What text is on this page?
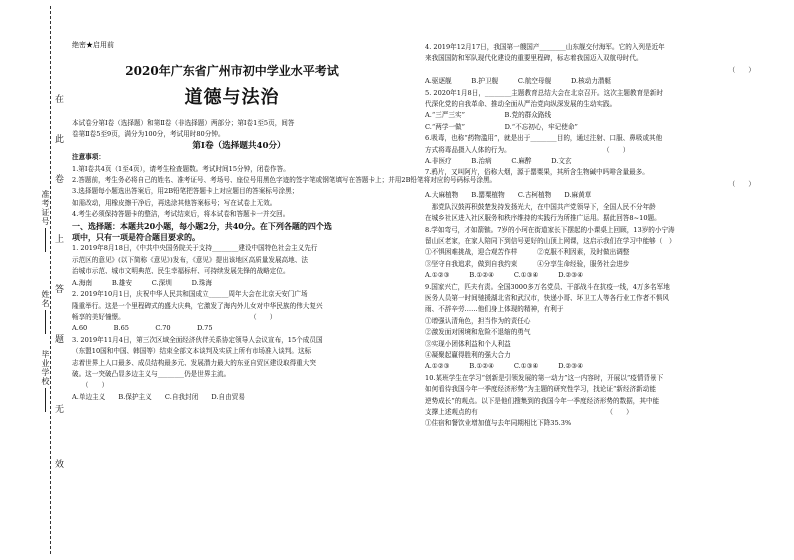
在
此
卷
上
答
题
无
效
准考证号
姓名
毕业学校
绝密★启用前
2020年广东省广州市初中学业水平考试
道德与法治

本试卷分第Ⅰ卷（选择题）和第Ⅱ卷（非选择题）两部分；第Ⅰ卷1至5页，间答

卷第Ⅱ卷5至9页，满分为100分，考试用时80分钟。

第Ⅰ卷（选择题共40分）

注意事项：

1.第Ⅰ卷共4页（1至4页），请考生检查题数。考试时间15分钟，闭卷作答。

2.答题前，考生务必将自己的姓名、准考证号、考场号、座位号用黑色字迹的签字笔或钢笔填写在答题卡上；并用2B铅笔将对应的号码标号涂黑。

3.选择题每小题选出答案后，用2B铅笔把答题卡上对应题目的答案标号涂黑；

如需改动，用橡皮擦干净后，再选涂其他答案标号；写在试卷上无效。

4.考生必须保持答题卡的整洁，考试结束后，将本试卷和答题卡一并交回。

一、选择题：本题共20小题，每小题2分，共40分。在下列各题的四个选

项中，只有一项是符合题目要求的。

1. 2019年8月18日，《中共中央国务院关于支持________建设中国特色社会主义先行

示范区的意见》(以下简称《意见》)发布，《意见》提出该地区高质量发展高地、法

治城市示范、城市文明典范、民生幸福标杆、可持续发展先锋的战略定位。

A.海南　　　B.雄安　　　C.深圳　　　D.珠海

2. 2019年10月1日，庆祝中华人民共和国成立______周年大会在北京天安门广场

隆重举行。这是一个里程碑式的盛大庆典，它激发了海内外儿女对中华民族的伟大复兴

畅享的美好憧憬。　　　　　　　　　　　　　　　　　　　　（　　）

A.60　　　　B.65　　　　C.70　　　　D.75

3. 2019年11月4日，第三次区域全面经济伙伴关系协定领导人会议宣布，15个成员国

（东盟10国和中国、韩国等）结束全部文本谈判及实质上所有市场准入谈判。这标

志着世界上人口最多、成员结构最多元、发展潜力最大的东亚自贸区建设取得重大突

破。这一突破凸显多边主义与________仍是世界主流。

　　（　　）

A.单边主义　　B.保护主义　　C.自我封闭　　D.自由贸易

4. 2019年12月17日，我国第一艘国产________山东舰交付海军。它的入列是近年

来我国国防和军队现代化建设的重要里程碑，标志着我国迈入双航母时代。

（　　）

A.驱逐舰　　　B.护卫舰　　　C.航空母舰　　　D.核动力潜艇

5. 2020年1月8日，________主题教育总结大会在北京召开。这次主题教育是新时

代深化党的自我革命、推动全面从严治党向纵深发展的生动实践。

A.“三严三实”　　　　　　B.党的群众路线

C.“两学一做”　　　　　　D.“不忘初心，牢记使命”

6.吸毒，也称“药物滥用”，就是出于________目的，通过注射、口服、鼻吸或其他

方式将毒品摄入人体的行为。　　　　　　　　　　　　　　　（　　）

A.非医疗　　　B.治病　　　C.麻醉　　　D.文玄

7.鸦片，又叫阿片，俗称大烟，源于罂粟果，其所含生物碱中吗啡含量最多。

（　　）

A.大麻植物　　B.罂粟植物　　C.古柯植物　　D.麻黄草

　那党队汉鼓再积鼓楚发持发扬光大，在中国共产党领导下，全国人民不分年龄

在城乡社区进入社区服务和秩序维持的实践行为所推广运用。据此回答8~10题。

8.学如弯弓，才如箭镞。7岁的小珂在街道家长下摆起的小课桌上回顾，13岁的小宁涛

留山区老家，在家人陪同下到信号更好的山顶上网课，这启示我们在学习中能够（　）

①不惧困难挑战，迎合观苦作样　　　②克服不利因素，及时做出调整

③坚守自我追求，做到自我约束　　　④分享生命经验，服务社会进步

A.①②③　　　B.①②④　　　C.①③④　　　D.②③④

9.国家兴亡，匹夫有责。全国3000多万名党员、干部战斗在抗疫一线，4万多名军地

医务人员第一时间驰援湖北省和武汉市，快递小哥、环卫工人等各行业工作者不惧风

雨、不辞辛劳……他们身上体现的精神，有利于

①增强认清角色，担当作为的责任心

②激发面对困境和危险不退缩的勇气

③实现小团体利益和个人利益

④凝聚起赢得胜利的强大合力

A.①②③　　　B.①②④　　　C.①③④　　　D.②③④

10.某班学生在学习“创新是引领发展的第一动力”这一内容时，开展以“疫情背景下

如何看待我国今年一季度经济形势”为主题的研究性学习，找论证“新经济新动能

逆势成长”的观点。以下是他们搜集到的我国今年一季度经济形势的数据，其中能

支撑上述观点的有　　　　　　　　　　　　　　　　　　　　（　　）

①住宿和餐饮业增加值与去年同期相比下降35.3%
